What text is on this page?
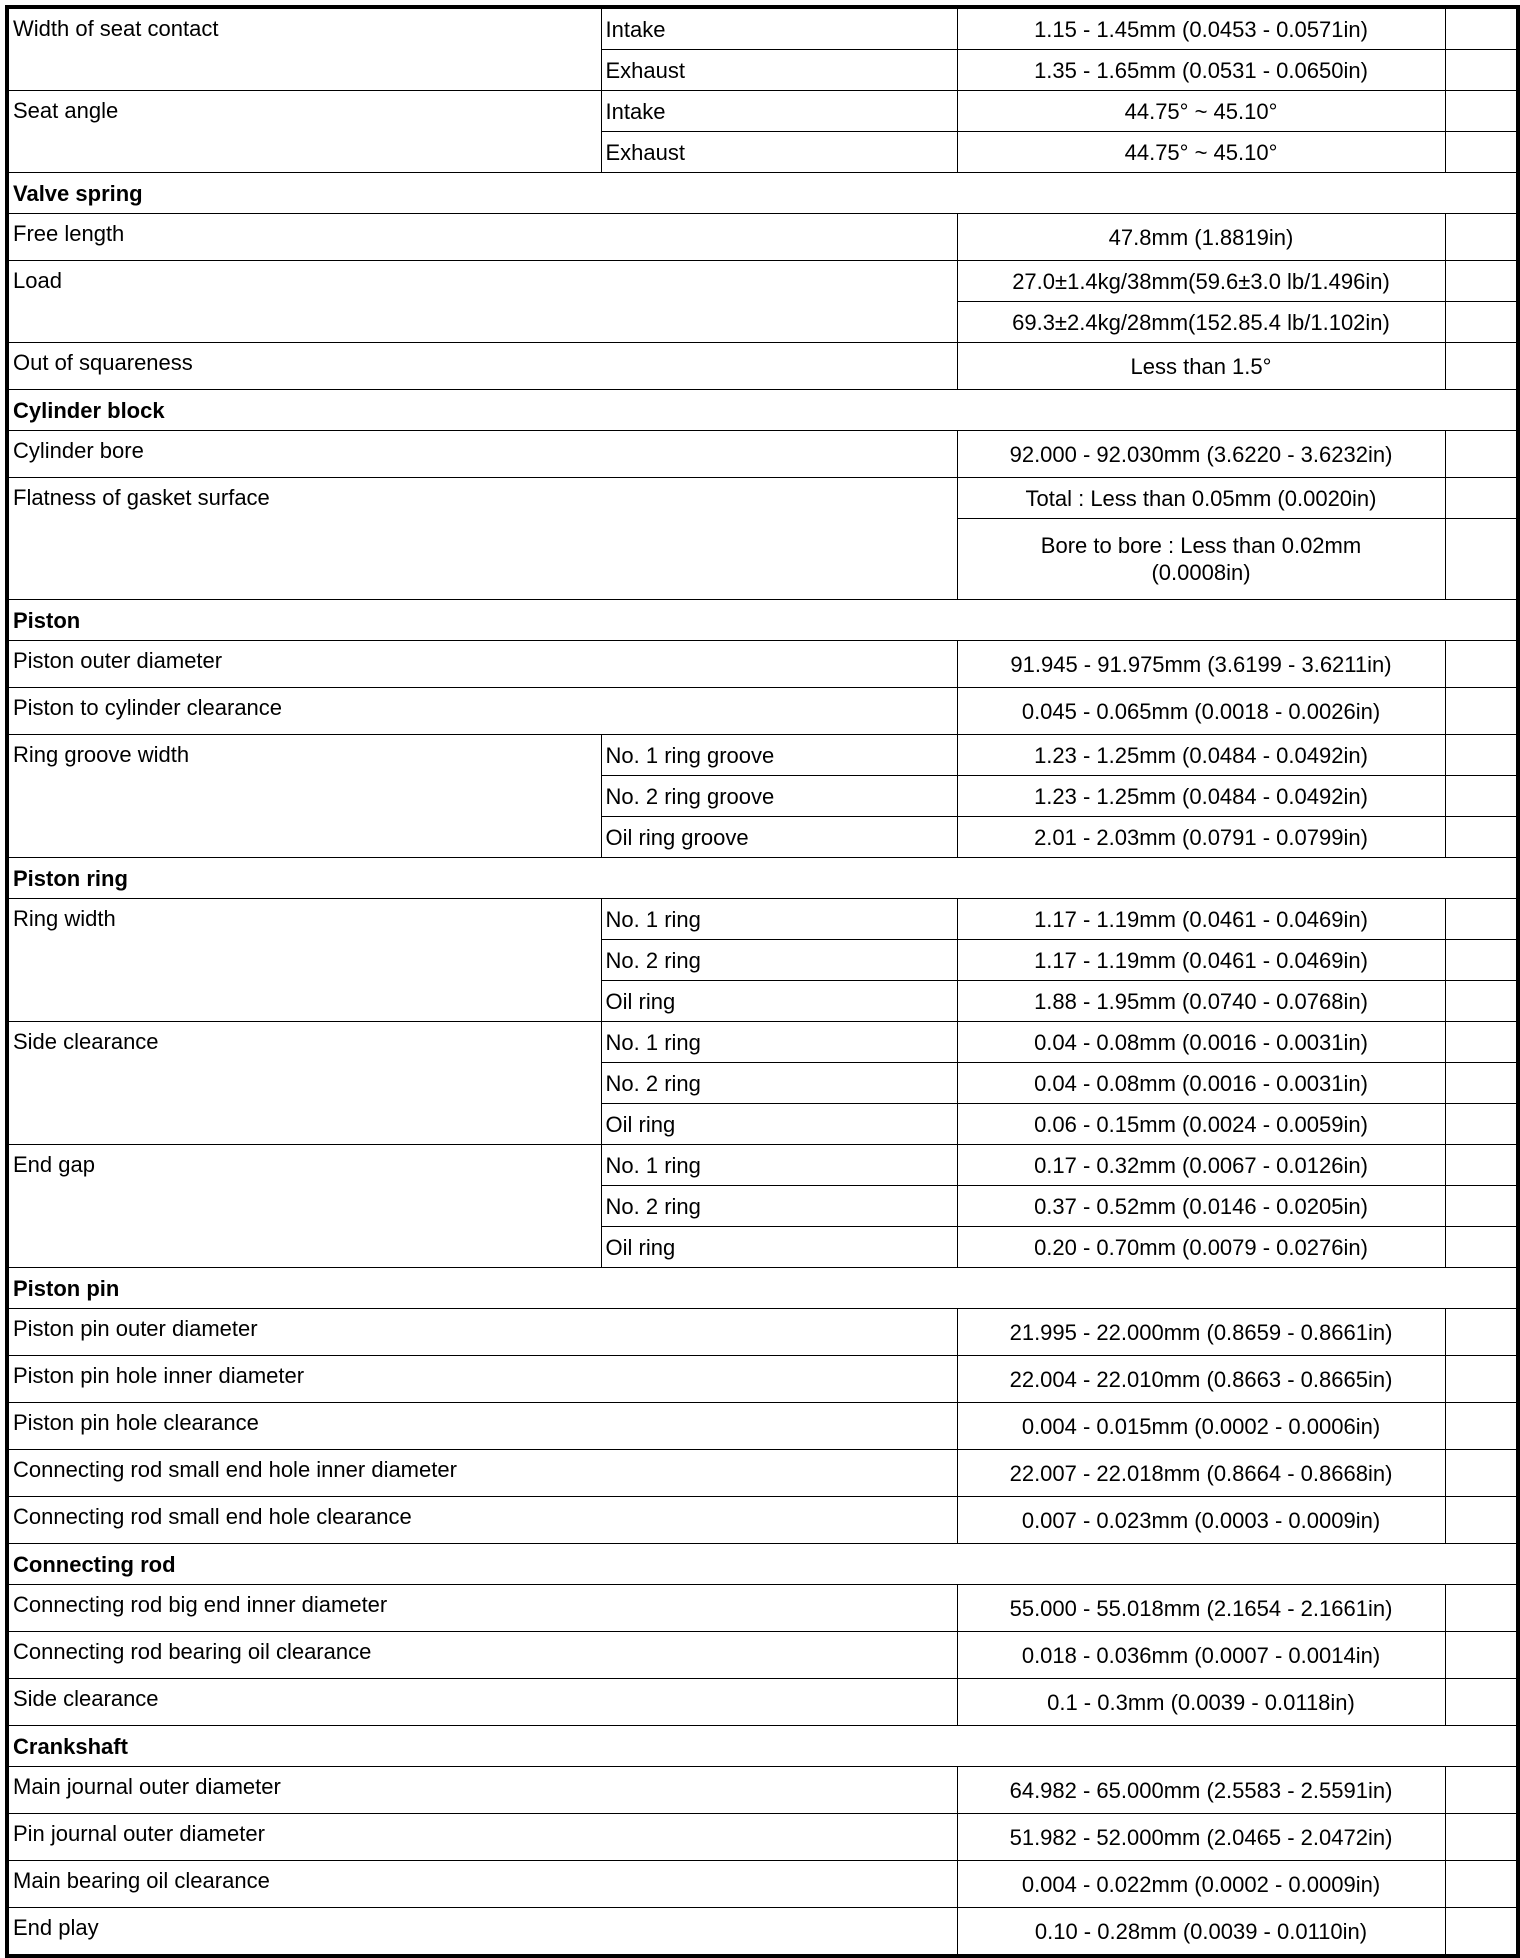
Width of seat contact	Intake	1.15 - 1.45mm (0.0453 - 0.0571in)	
	Exhaust	1.35 - 1.65mm (0.0531 - 0.0650in)	
Seat angle	Intake	44.75° ~ 45.10°	
	Exhaust	44.75° ~ 45.10°	
Valve spring			
Free length		47.8mm (1.8819in)	
Load		27.0±1.4kg/38mm(59.6±3.0 lb/1.496in)	
		69.3±2.4kg/28mm(152.85.4 lb/1.102in)	
Out of squareness		Less than 1.5°	
Cylinder block			
Cylinder bore		92.000 - 92.030mm (3.6220 - 3.6232in)	
Flatness of gasket surface		Total : Less than 0.05mm (0.0020in)	
		Bore to bore : Less than 0.02mm
(0.0008in)	
Piston			
Piston outer diameter		91.945 - 91.975mm (3.6199 - 3.6211in)	
Piston to cylinder clearance		0.045 - 0.065mm (0.0018 - 0.0026in)	
Ring groove width	No. 1 ring groove	1.23 - 1.25mm (0.0484 - 0.0492in)	
	No. 2 ring groove	1.23 - 1.25mm (0.0484 - 0.0492in)	
	Oil ring groove	2.01 - 2.03mm (0.0791 - 0.0799in)	
Piston ring			
Ring width	No. 1 ring	1.17 - 1.19mm (0.0461 - 0.0469in)	
	No. 2 ring	1.17 - 1.19mm (0.0461 - 0.0469in)	
	Oil ring	1.88 - 1.95mm (0.0740 - 0.0768in)	
Side clearance	No. 1 ring	0.04 - 0.08mm (0.0016 - 0.0031in)	
	No. 2 ring	0.04 - 0.08mm (0.0016 - 0.0031in)	
	Oil ring	0.06 - 0.15mm (0.0024 - 0.0059in)	
End gap	No. 1 ring	0.17 - 0.32mm (0.0067 - 0.0126in)	
	No. 2 ring	0.37 - 0.52mm (0.0146 - 0.0205in)	
	Oil ring	0.20 - 0.70mm (0.0079 - 0.0276in)	
Piston pin			
Piston pin outer diameter		21.995 - 22.000mm (0.8659 - 0.8661in)	
Piston pin hole inner diameter		22.004 - 22.010mm (0.8663 - 0.8665in)	
Piston pin hole clearance		0.004 - 0.015mm (0.0002 - 0.0006in)	
Connecting rod small end hole inner diameter		22.007 - 22.018mm (0.8664 - 0.8668in)	
Connecting rod small end hole clearance		0.007 - 0.023mm (0.0003 - 0.0009in)	
Connecting rod			
Connecting rod big end inner diameter		55.000 - 55.018mm (2.1654 - 2.1661in)	
Connecting rod bearing oil clearance		0.018 - 0.036mm (0.0007 - 0.0014in)	
Side clearance		0.1 - 0.3mm (0.0039 - 0.0118in)	
Crankshaft			
Main journal outer diameter		64.982 - 65.000mm (2.5583 - 2.5591in)	
Pin journal outer diameter		51.982 - 52.000mm (2.0465 - 2.0472in)	
Main bearing oil clearance		0.004 - 0.022mm (0.0002 - 0.0009in)	
End play		0.10 - 0.28mm (0.0039 - 0.0110in)	
